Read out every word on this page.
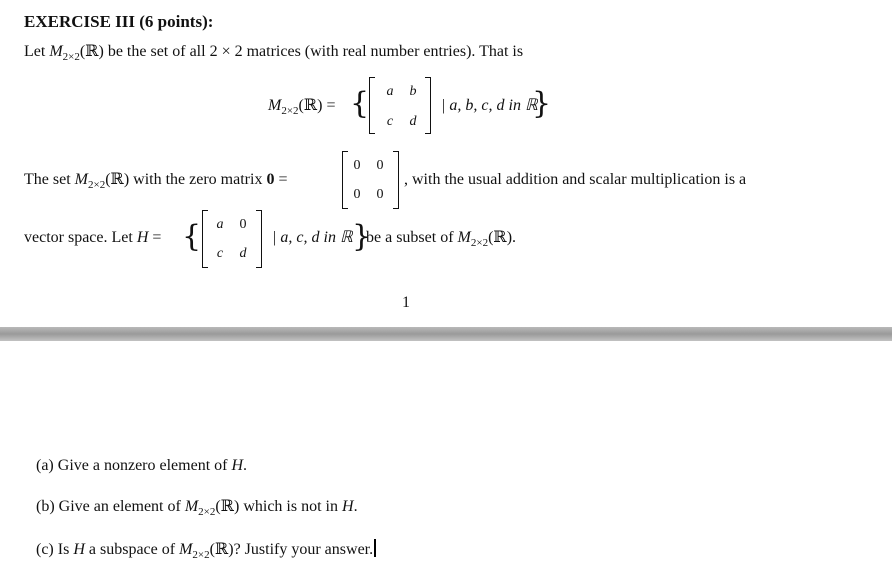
EXERCISE III (6 points):
Let $M_{2\times 2}(ℝ)$ be the set of all 2 × 2 matrices (with real number entries). That is
$M_{2\times 2}(ℝ)$ = {	a	b
c	d
| a, b, c, d in ℝ
}
The set $M_{2\times 2}(ℝ)$ with the zero matrix 0 =
0	0
0	0
, with the usual addition and scalar multiplication is a
vector space. Let H = {	a	0
c	d
| a, c, d in ℝ }
be a subset of $M_{2\times 2}(ℝ)$.
1
(a) Give a nonzero element of H.
(b) Give an element of $M_{2\times 2}(ℝ)$ which is not in H.
(c) Is H a subspace of $M_{2\times 2}(ℝ)$? Justify your answer.
